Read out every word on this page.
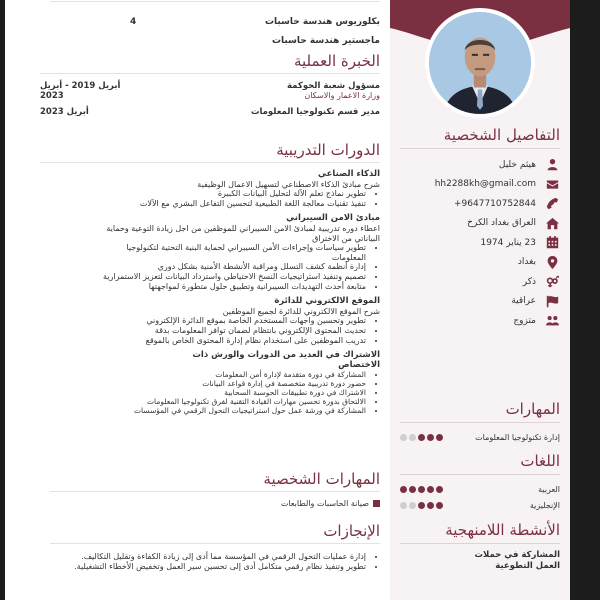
بكلوريوس هندسة حاسبات
4
ماجستير هندسة حاسبات
الخبرة العملية
مسؤول شعبة الحوكمة
وزارة الاعمار والاسكان
أبريل 2019 - أبريل 2023
مدير قسم تكنولوجيا المعلومات
أبريل 2023
الدورات التدريبية
الذكاء الصناعي
شرح مبادئ الذكاء الاصطناعي لتسهيل الاعمال الوظيفية
• تطوير نماذج تعلم الآلة لتحليل البيانات الكبيرة
• تنفيذ تقنيات معالجة اللغة الطبيعية لتحسين التفاعل البشري مع الآلات
مبادئ الامن السيبراني
اعطاء دوره تدريبية لمبادئ الامن السيبراني للموظفين من اجل زيادة التوعية وحماية البياناتي من الاختراق
• تطوير سياسات وإجراءات الأمن السيبراني لحماية البنية التحتية لتكنولوجيا المعلومات
• إدارة أنظمة كشف التسلل ومراقبة الأنشطة الأمنية بشكل دوري
• تصميم وتنفيذ استراتيجيات النسخ الاحتياطي واسترداد البيانات لتعزيز الاستمرارية
• متابعة أحدث التهديدات السيبرانية وتطبيق حلول متطورة لمواجهتها
الموقع الالكتروني للدائرة
شرح الموقع الالكتروني للدائرة لجميع الموظفين
• تطوير وتحسين واجهات المستخدم الخاصة بموقع الدائرة الإلكتروني
• تحديث المحتوى الإلكتروني بانتظام لضمان توافر المعلومات بدقة
• تدريب الموظفين على استخدام نظام إدارة المحتوى الخاص بالموقع
الاشتراك في العديد من الدورات والورش ذات الاختصاص
• المشاركة في دورة متقدمة لإدارة أمن المعلومات
• حضور دورة تدريبية متخصصة في إدارة قواعد البيانات
• الاشتراك في دورة تطبيقات الحوسبة السحابية
• الالتحاق بدورة تحسين مهارات القيادة التقنية لفرق تكنولوجيا المعلومات
• المشاركة في ورشة عمل حول استراتيجيات التحول الرقمي في المؤسسات
المهارات الشخصية
صيانة الحاسبات والطابعات
الإنجازات
• إدارة عمليات التحول الرقمي في المؤسسة مما أدى إلى زيادة الكفاءة وتقليل التكاليف.
• تطوير وتنفيذ نظام رقمي متكامل أدى إلى تحسين سير العمل وتخفيض الأخطاء التشغيلية.
التفاصيل الشخصية
هيثم خليل
hh2288kh@gmail.com
9647710752844+
العراق بغداد الكرخ
23 يناير 1974
بغداد
ذكر
عراقية
متزوج
المهارات
إدارة تكنولوجيا المعلومات
اللغات
العربية
الإنجليزية
الأنشطة اللامنهجية
المشاركة في حملات العمل التطوعية
